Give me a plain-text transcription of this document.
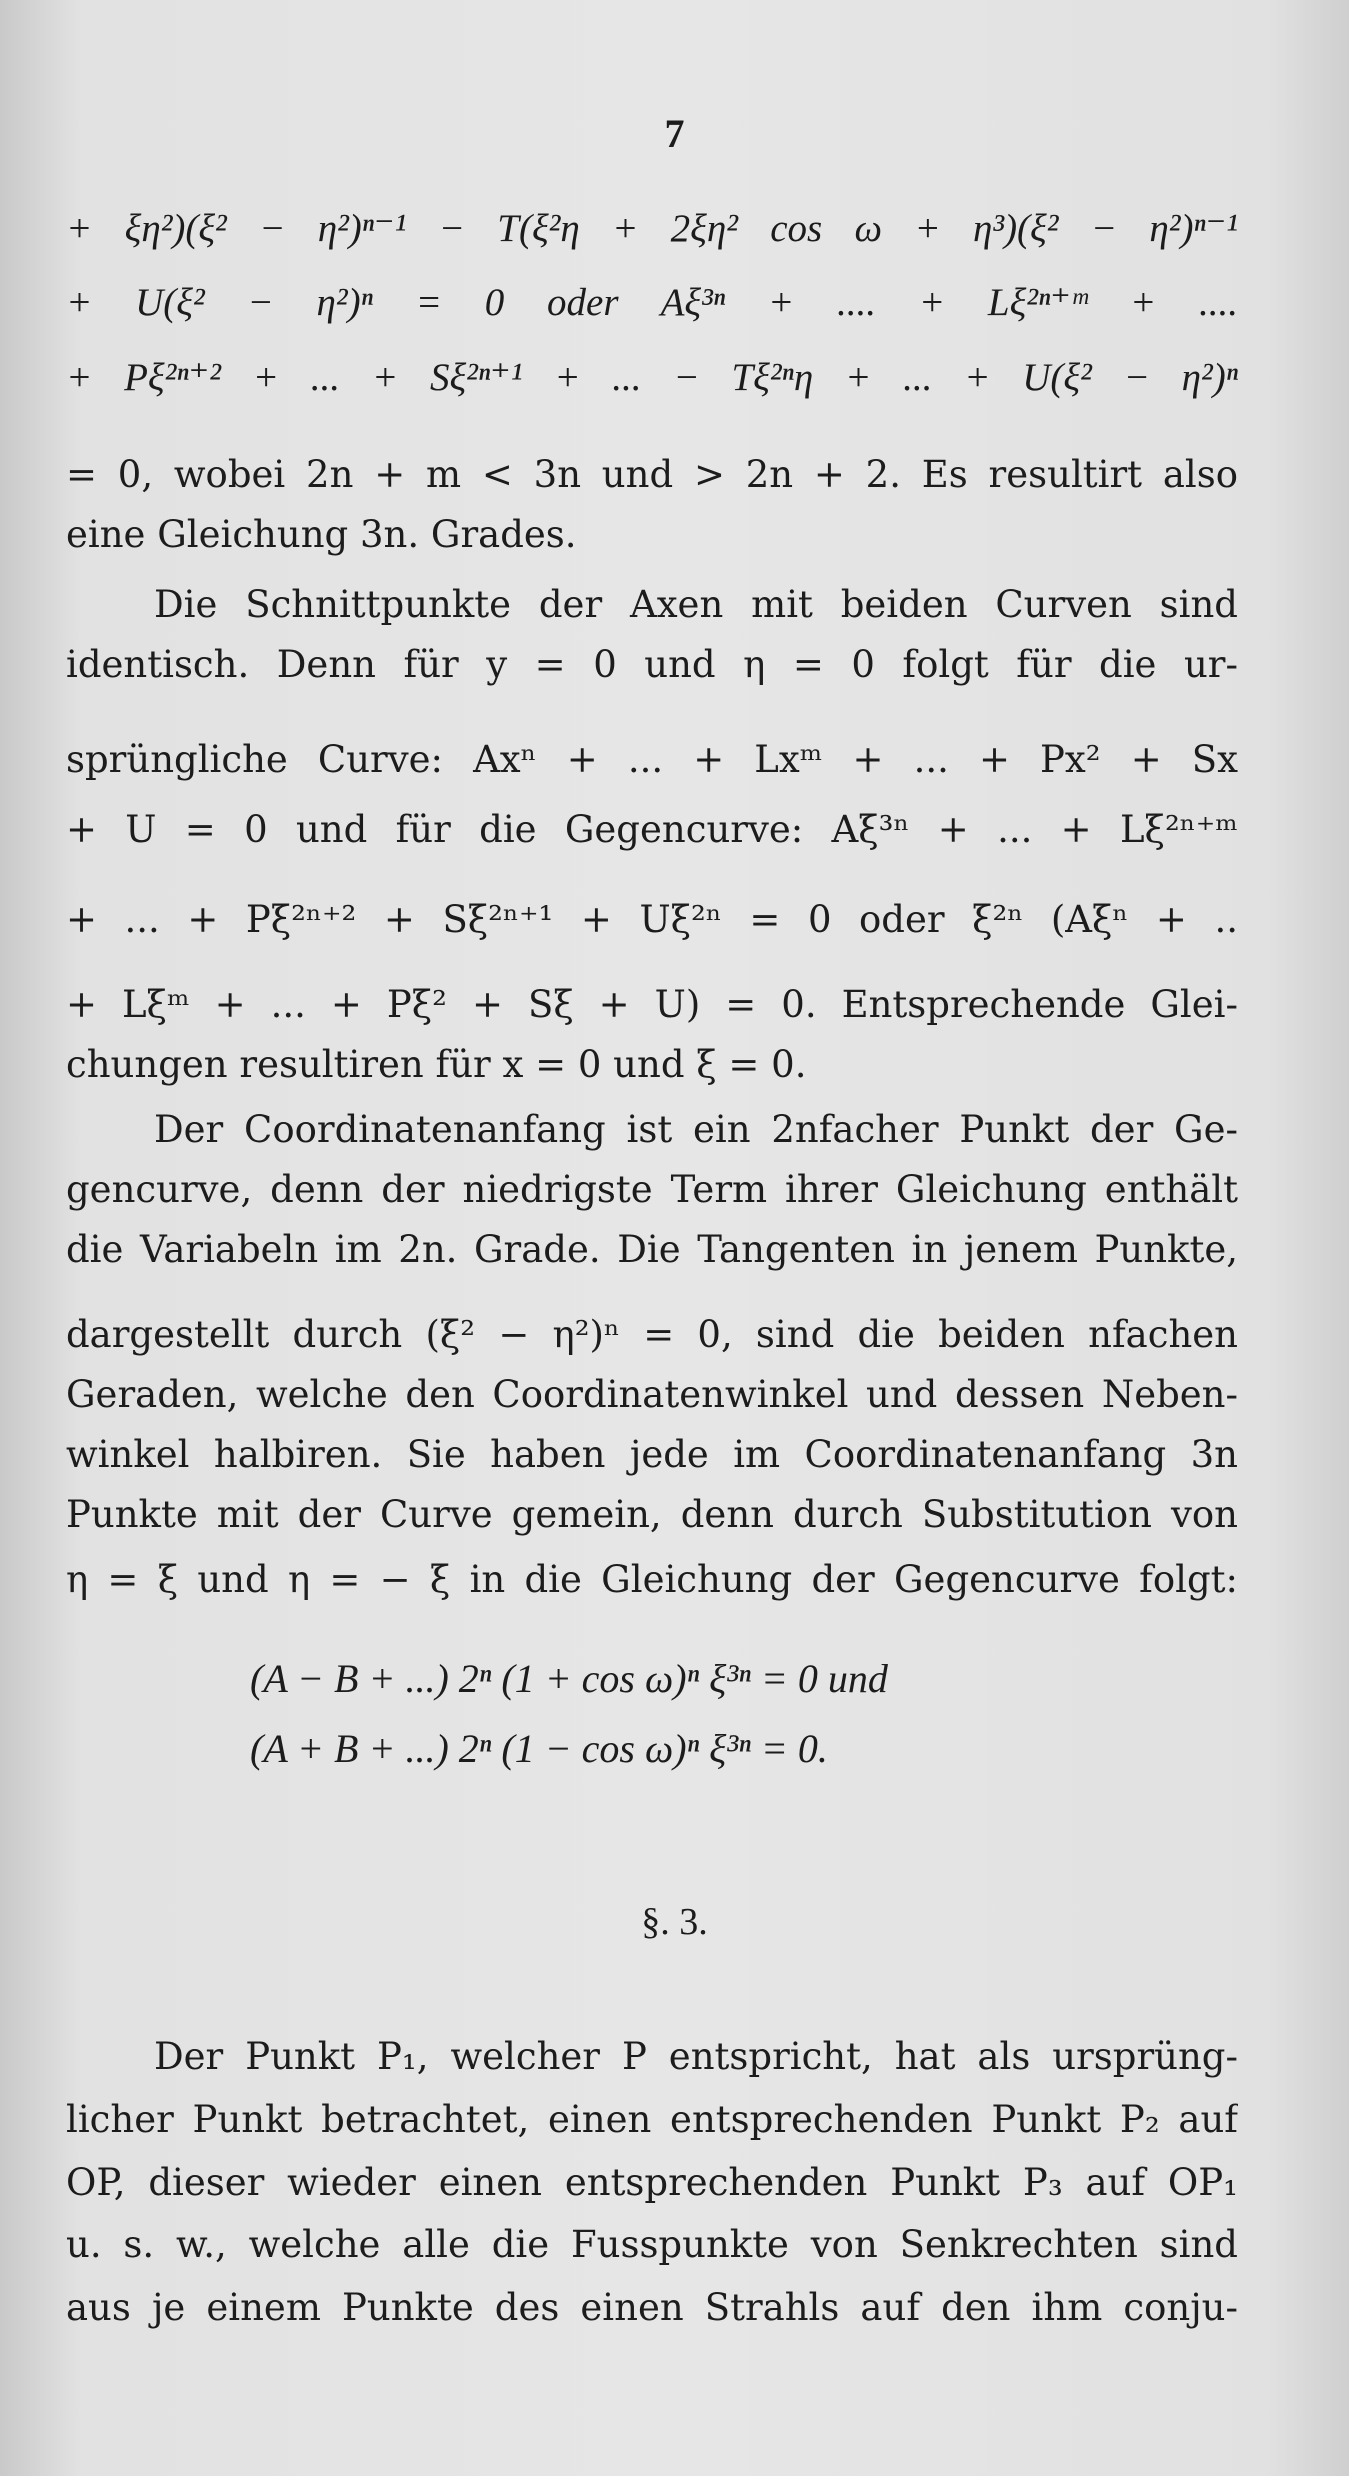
7
+ ξη²)(ξ² − η²)ⁿ⁻¹ − T(ξ²η + 2ξη² cos ω + η³)(ξ² − η²)ⁿ⁻¹
+ U(ξ² − η²)ⁿ = 0 oder Aξ³ⁿ + .... + Lξ²ⁿ⁺ᵐ + ....
+ Pξ²ⁿ⁺² + ... + Sξ²ⁿ⁺¹ + ... − Tξ²ⁿη + ... + U(ξ² − η²)ⁿ
= 0, wobei 2n + m < 3n und > 2n + 2. Es resultirt also
eine Gleichung 3n. Grades.
Die Schnittpunkte der Axen mit beiden Curven sind
identisch. Denn für y = 0 und η = 0 folgt für die ur-
sprüngliche Curve: Axⁿ + ... + Lxᵐ + ... + Px² + Sx
+ U = 0 und für die Gegencurve: Aξ³ⁿ + ... + Lξ²ⁿ⁺ᵐ
+ ... + Pξ²ⁿ⁺² + Sξ²ⁿ⁺¹ + Uξ²ⁿ = 0 oder ξ²ⁿ (Aξⁿ + ..
+ Lξᵐ + ... + Pξ² + Sξ + U) = 0. Entsprechende Glei-
chungen resultiren für x = 0 und ξ = 0.
Der Coordinatenanfang ist ein 2nfacher Punkt der Ge-
gencurve, denn der niedrigste Term ihrer Gleichung enthält
die Variabeln im 2n. Grade. Die Tangenten in jenem Punkte,
dargestellt durch (ξ² − η²)ⁿ = 0, sind die beiden nfachen
Geraden, welche den Coordinatenwinkel und dessen Neben-
winkel halbiren. Sie haben jede im Coordinatenanfang 3n
Punkte mit der Curve gemein, denn durch Substitution von
η = ξ und η = − ξ in die Gleichung der Gegencurve folgt:
(A − B + ...) 2ⁿ (1 + cos ω)ⁿ ξ³ⁿ = 0 und
(A + B + ...) 2ⁿ (1 − cos ω)ⁿ ξ³ⁿ = 0.
§. 3.
Der Punkt P₁, welcher P entspricht, hat als ursprüng-
licher Punkt betrachtet, einen entsprechenden Punkt P₂ auf
OP, dieser wieder einen entsprechenden Punkt P₃ auf OP₁
u. s. w., welche alle die Fusspunkte von Senkrechten sind
aus je einem Punkte des einen Strahls auf den ihm conju-
